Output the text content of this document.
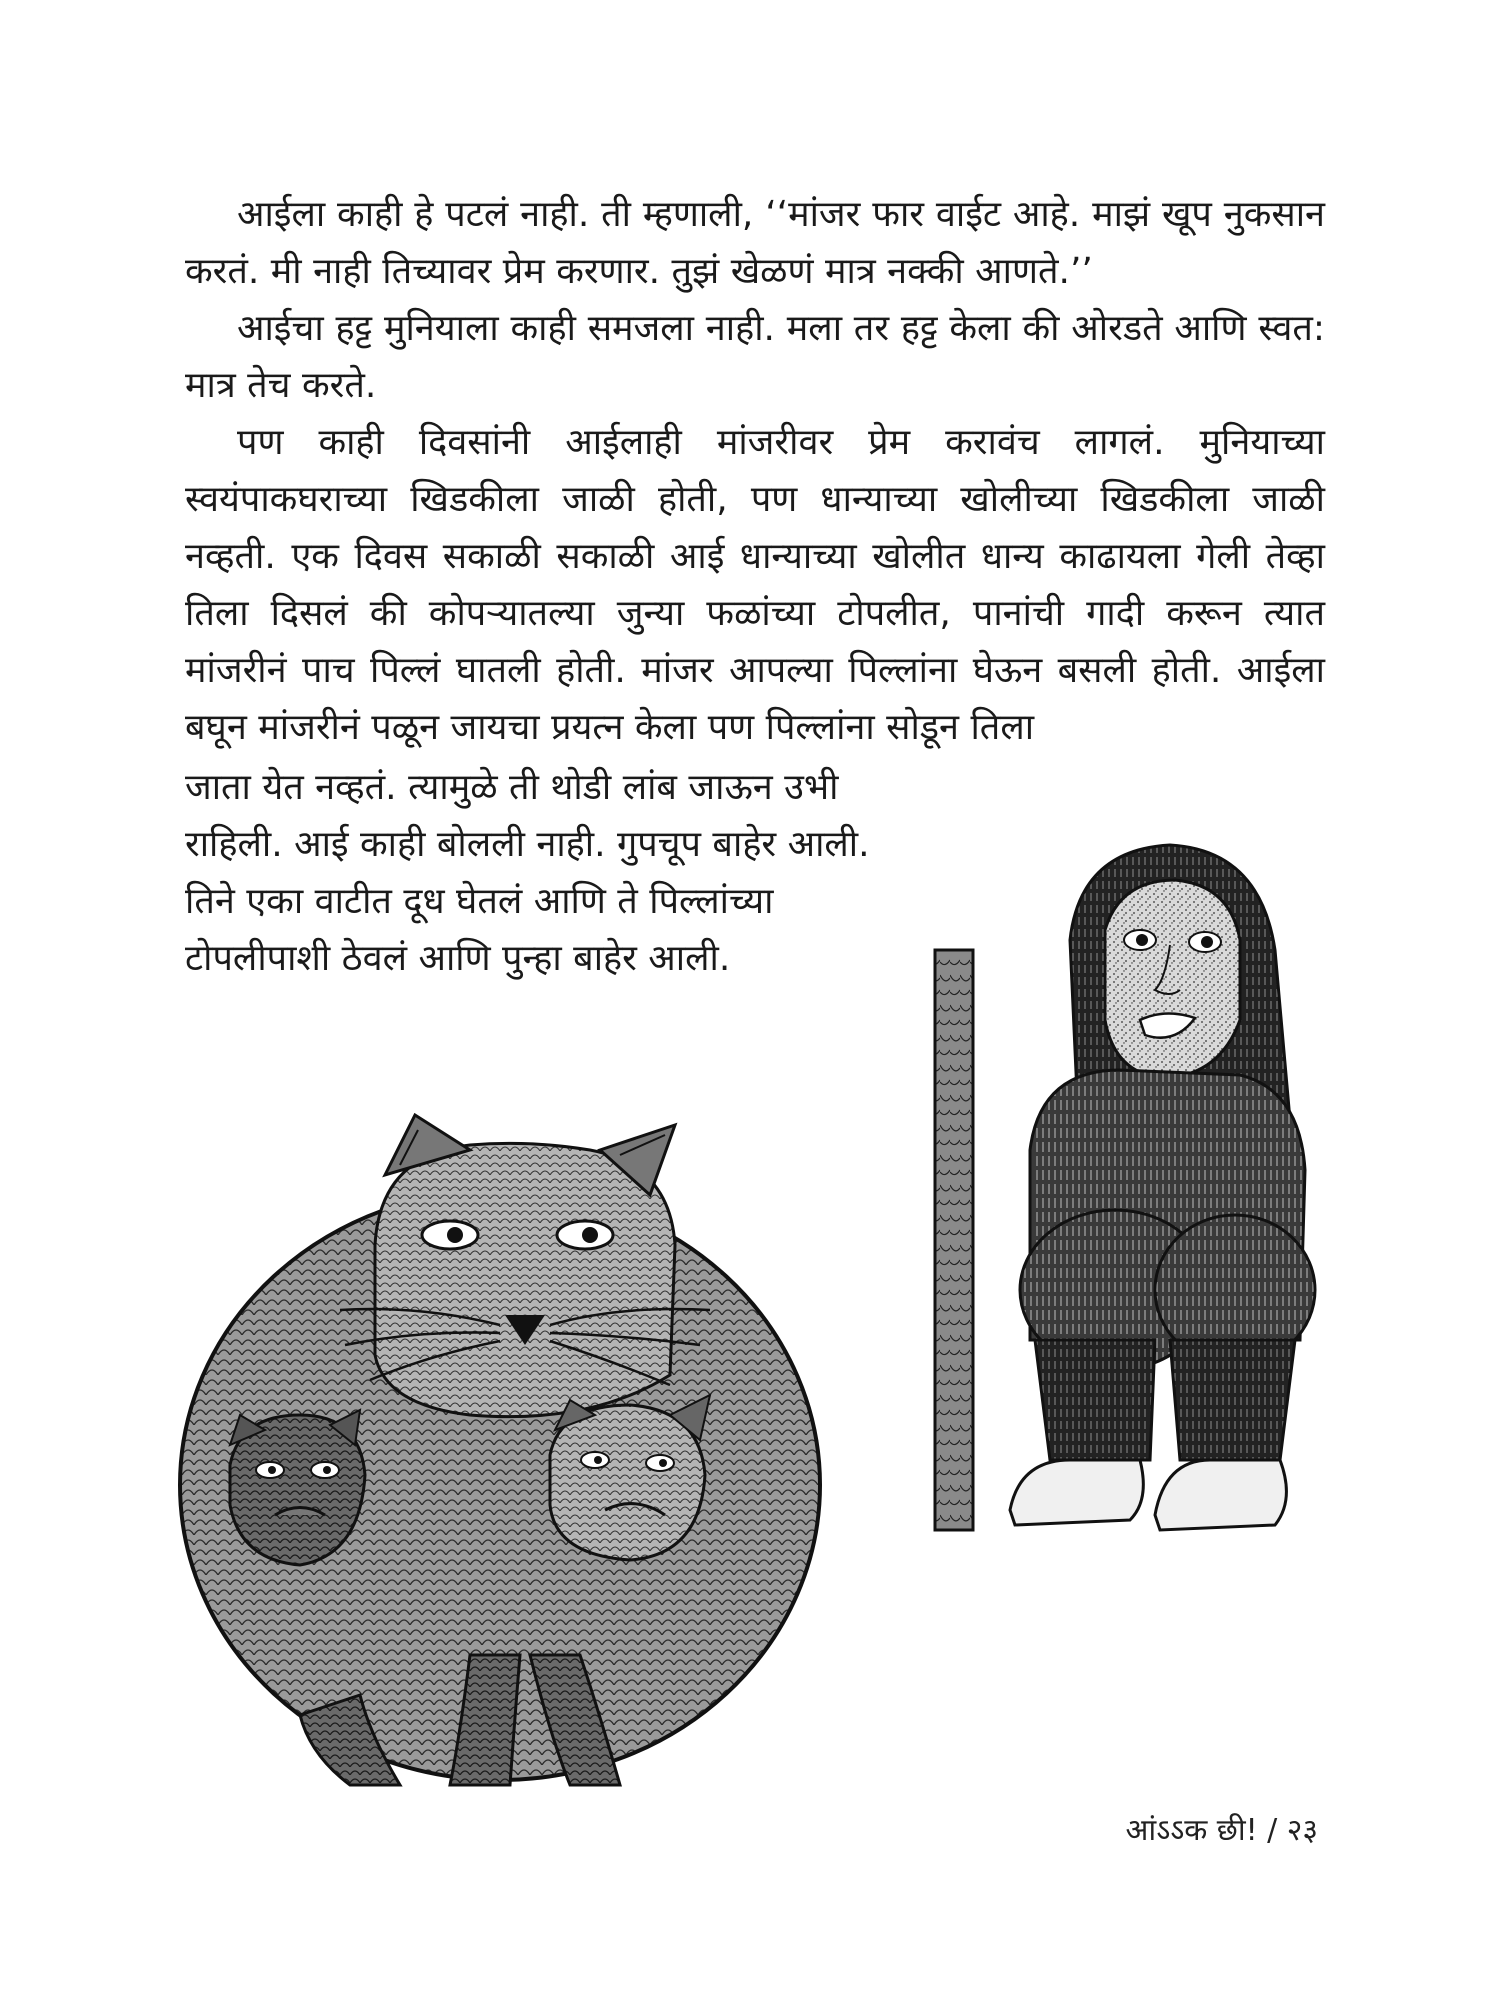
आईला काही हे पटलं नाही. ती म्हणाली, ‘‘मांजर फार वाईट आहे. माझं खूप नुकसान करतं. मी नाही तिच्यावर प्रेम करणार. तुझं खेळणं मात्र नक्की आणते.’’

आईचा हट्ट मुनियाला काही समजला नाही. मला तर हट्ट केला की ओरडते आणि स्वत: मात्र तेच करते.

पण काही दिवसांनी आईलाही मांजरीवर प्रेम करावंच लागलं. मुनियाच्या स्वयंपाकघराच्या खिडकीला जाळी होती, पण धान्याच्या खोलीच्या खिडकीला जाळी नव्हती. एक दिवस सकाळी सकाळी आई धान्याच्या खोलीत धान्य काढायला गेली तेव्हा तिला दिसलं की कोपऱ्यातल्या जुन्या फळांच्या टोपलीत, पानांची गादी करून त्यात मांजरीनं पाच पिल्लं घातली होती. मांजर आपल्या पिल्लांना घेऊन बसली होती. आईला बघून मांजरीनं पळून जायचा प्रयत्न केला पण पिल्लांना सोडून तिला

जाता येत नव्हतं. त्यामुळे ती थोडी लांब जाऊन उभी
राहिली. आई काही बोलली नाही. गुपचूप बाहेर आली.
तिने एका वाटीत दूध घेतलं आणि ते पिल्लांच्या
टोपलीपाशी ठेवलं आणि पुन्हा बाहेर आली.
आंऽऽक छी! / २३
